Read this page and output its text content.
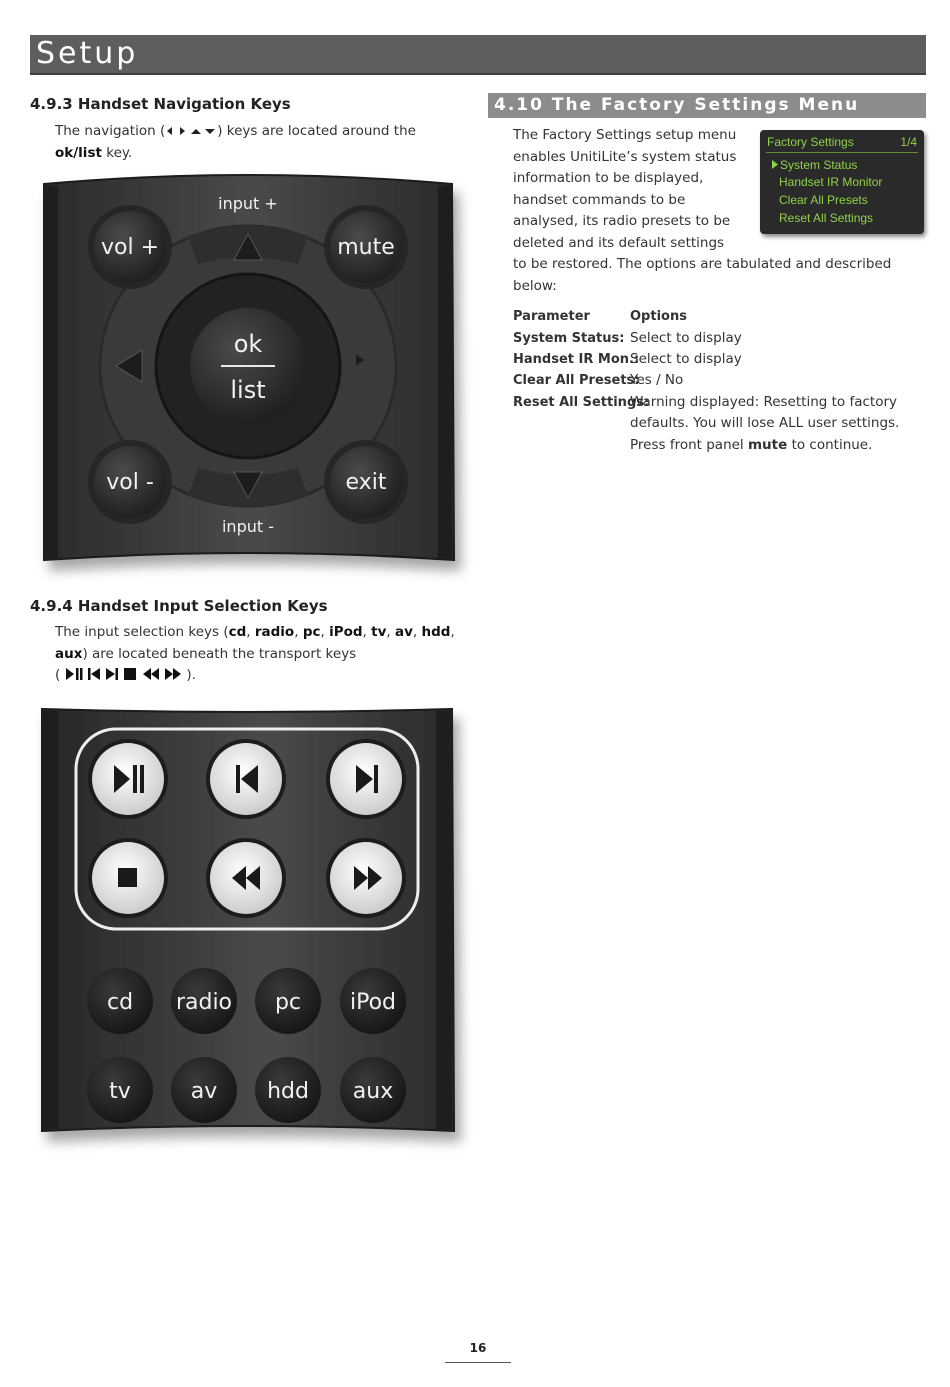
Setup
4.9.3 Handset Navigation Keys
The navigation (	) keys are located around the
ok/list key.
vol +	mute
input +
ok
list
vol -	exit
input -
4.9.4 Handset Input Selection Keys
The input selection keys (cd, radio, pc, iPod, tv, av, hdd,
aux) are located beneath the transport keys
(	).
cd radio pc iPod
tv	av hdd aux
4.10 The Factory Settings Menu
The Factory Settings setup menu
enables UnitiLite’s system status
information to be displayed,
handset commands to be
analysed, its radio presets to be
deleted and its default settings
to be restored. The options are tabulated and described
below:
Factory Settings	1/4
System Status
Handset IR Monitor
Clear All Presets
Reset All Settings
Parameter	Options
System Status: Select to display
Handset IR Mon.:
Select to display
Clear All Presets:
Yes / No
Reset All Settings:
Warning displayed: Resetting to factory
defaults. You will lose ALL user settings.
Press front panel mute to continue.
16
